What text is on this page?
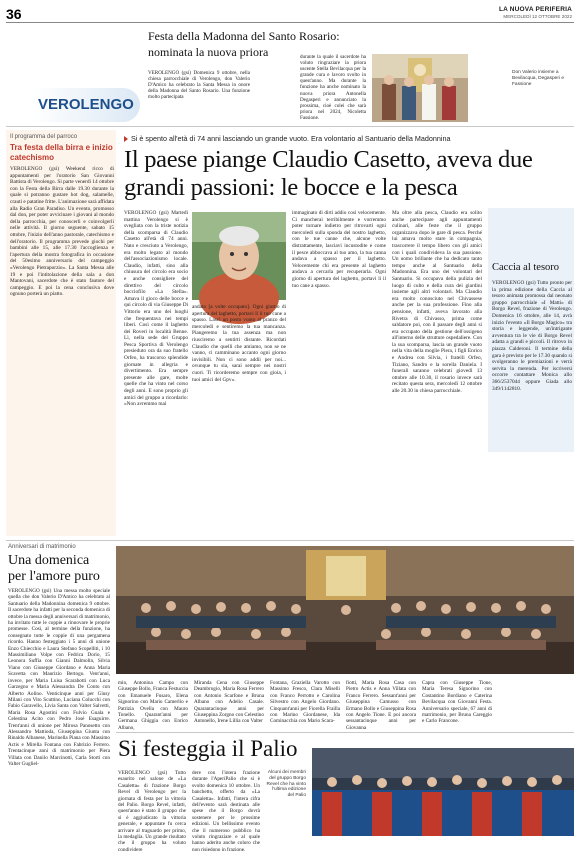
36	LA NUOVA PERIFERIA
MERCOLEDÌ 12 OTTOBRE 2022
VEROLENGO
Festa della Madonna del Santo Rosario: nominata la nuova priora
VEROLENGO (gsi) Domenica 9 ottobre, nella chiesa parrocchiale di Verolengo, don Valerio D'Amico ha celebrato la Santa Messa in onore della Madonna del Santo Rosario. Una funzione molto partecipata
durante la quale il sacerdote ha voluto ringraziare la priora uscente Stella Bevilacqua per la grande cura e lavoro svolto in quest'anno. Ma durante la funzione ha anche nominato la nuova priora Antonella Degasperi e annunciato la prossima, cioè colei che sarà priora nel 2024, Nicoletta Fassione.
Don Valerio insieme a Bevilacqua, Degasperi e Fassione
Il programma del parroco
Tra festa della birra e inizio catechismo
VEROLENGO (gsi) Weekend ricco di appuntamenti per l'oratorio San Giovanni Battista di Verolengo. Si parte venerdì 14 ottobre con la Festa della Birra dalle 19.30 durante la quale si potranno gustare hot dog, salamelle, crauti e patatine fritte. L'animazione sarà affidata alla Radio Gran Paradiso. Un evento, promosso dal don, per poter avvicinare i giovani al mondo della parrocchia, per conoscerli e coinvolgerli nelle attività. Il giorno seguente, sabato 15 ottobre, l'inizio dell'anno pastorale, catechismo e dell'oratorio. Il programma prevede giochi per bambini alle 15, alle 17.30 l'accoglienza e l'apertura della mostra fotografica in occasione del 50esimo anniversario del campeggio «Verolengo Pietraporzio». La Santa Messa alle 19 e poi l'intitolazione della sala a don Mantovani, sacerdote che è stato fautore del campeggio. E poi la cena conclusiva dove ognuno porterà un piatto.
Si è spento all'età di 74 anni lasciando un grande vuoto. Era volontario al Santuario della Madonnina
Il paese piange Claudio Casetto, aveva due grandi passioni: le bocce e la pesca
VEROLENGO (gsi) Martedì mattina Verolengo si è svegliata con la triste notizia della scomparsa di Claudio Casetto all'età di 74 anni. Nato e cresciuto a Verolengo, era molto legato al mondo dell'associazionismo locale. Claudio, infatti, sino alla chiusura del circolo era socio e anche consigliere del direttivo del circolo bocciofilo «La Stella». Amava il gioco delle bocce e qui circolo di via Giuseppe Di Vittorio era uno dei luoghi che frequentava nei tempi liberi. Così come il laghetto dei Roveri in località Benne. Lì, nella sede del Gruppo Pesca Sportiva di Verolengo presieduto ora da suo fratello Orfeo, ha trascorso splendide giornate in allegria e divertimento. Era sempre presente alle gare, molte quelle che ha vinto nel corso degli anni. E sono proprio gli amici del gruppo a ricordarlo: «Non avremmo mai
andato [a volte occupato]. Ogni giorno di apertura del laghetto, portavi lì il tuo cane a spasso. Lasci un posto vuoto al pranzo del mercoledì e sentiremo la tua mancanza. Piangeremo la tua assenza ma non riusciremo a sentirti distante. Ricordati Claudio che quelli che amiamo, non se ne vanno, ci camminano accanto ogni giorno invisibili. Non ci sono addii per noi... ovunque tu sia, sarai sempre nei nostri cuori. Ti ricorderemo sempre con gioia, i tuoi amici del Gpv».
immaginato di dirti addio così velocemente. Ci mancherai terribilmente e vorremmo poter tornare indietro per ritrovarti ogni mercoledì sulla sponda del nostro laghetto, con le tue canne che, alcune volte distrattamente, lasciavi incustodite e come il pesce abboccava al tuo amo, la tua canna andava a spasso per il laghetto. Velocemente chi era presente al laghetto andava a cercarla per recuperarla. Ogni giorno di apertura del laghetto, portavi lì il tuo cane a spasso.
Ma oltre alla pesca, Claudio era solito anche partecipare agli appuntamenti culinari, alle feste che il gruppo organizzava dopo le gare di pesca. Perché lui amava molto stare in compagnia, trascorrere il tempo libero con gli amici con i quali condivideva la sua passione. Un uomo brillante che ha dedicato tanto tempo anche al Santuario della Madonnina. Era uno dei volontari del Santuario. Si occupava della pulizia del luogo di culto e della cura dei giardini insieme agli altri volontari. Ma Claudio era molto conosciuto nel Chivassese anche per la sua professione. Fino alla pensione, infatti, aveva lavorato alla Rivetra di Chivasso, prima come saldatore poi, con il passare degli anni si era occupato della gestione dell'ossigeno all'interno delle strutture ospedaliere. Con la sua scomparsa, lascia un grande vuoto nella vita della moglie Piera, i figli Enrico e Andrea con Silvia, i fratelli Orfeo, Tiziano, Sandro e la sorella Daniela. I funerali saranno celebrati giovedì 13 ottobre alle 10.30, il rosario invece sarà recitato questa sera, mercoledì 12 ottobre alle 20.30 in chiesa parrocchiale.
Caccia al tesoro
VEROLENGO (gsi) Tutto pronto per la prima edizione della Caccia al tesoro animata promossa dal neonato gruppo parrocchiale «I Matti» di Borgo Revel, frazione di Verolengo. Domenica 16 ottobre, alle 14, avrà inizio l'evento «Il Borgo Magico» tra storia e leggende, un'intrigante avventura tra le vie di Borgo Revel adatta a grandi e piccoli. Il ritrovo in piazza Calderoni. Il termine della gara è previsto per le 17.30 quando si svolgeranno le premiazioni e verrà servita la merenda. Per iscriversi occorre contattare Monica allo 366/2537044 oppure Giada allo 349/1142810.
Anniversari di matrimonio
Una domenica per l'amore puro
VEROLENGO (gsi) Una messa molto speciale quella che don Valerio D'Amico ha celebrato al Santuario della Madonnina domenica 9 ottobre. Il sacerdote ha infatti per la seconda domenica di ottobre la messa degli anniversari di matrimonio, ha invitato tutte le coppie a rinnovare le proprie promesse. Così, al termine della funzione, ha consegnato tutte le coppie di una pergamena ricordo. Hanno festeggiato i 5 anni di unione Enzo Chiecchio e Laura Stefano Scopelliti, i 10 Massimiliano Volpe con Fedrica Dorio, 15 Leonora Suffia con Gianni Dalmolin, Silvia Viano con Giuseppe Giordano e Anna Maria Scavetta con Maurizio Bertogo. Vent'anni, invece, per Maria Luisa Scarabotti con Luca Garzegno e Maria Alessandra De Conto con Alberto Aolino. Venticinque anni per Giusy Milani con Vito Scuttino, Luciana Colucchi con Fabio Garavello, Livia Santa con Valter Salvetti, Maria Rosa Agostini con Fulvio Guala e Celestina Acito con Pedro José Esaguirre. Trent'anni di unione per Mirosa Panosetto con Alessandro Mattioda, Giuseppina Giunta con Rinaldo Albanese, Marinella Piana con Massimo Actis e Mirella Fontana con Fabrizio Ferrero. Trentacinque anni di matrimonio per Piera Villata con Danilo Marcinotti, Carla Storti con Valter Gugliel-
min, Antonina Campo con Giuseppe Bollo, Franca Festuccia con Emanuele Fusaro, Elena Signorino con Mario Camerlio e Patrizia Ovella con Mauro Tonello. Quarant'anni per Germana Ghiggia con Enrico Albano,
Miranda Cena con Giuseppe Deambrogio, Maria Rosa Ferrero con Antonio Scarfone e Bruna Albano con Adelio Casale. Quarantacinque anni per Giuseppina Zorgno con Celestino Antonello, Irene Lillia con Valter
Fontana, Graziella Varotto con Massimo Fresco, Clara Miselli con Franco Perrotto e Carolina Silvestro con Angelo Giordano. Cinquant'anni per Fiorella Frailla con Marino Giordanese, Ida Cominacchia con Mario Scara-
fiotti, Maria Rosa Casa con Pietro Actis e Anna Villata con Franco Ferrero. Sessant'anni per Giuseppina Camusso con Ermano Bollo e Giuseppina Rosa con Angelo Tione. E poi ancora sessantacinque anni per Giovanna
Capra con Giuseppe Tione, Maria Teresa Signorino con Costantino Bordiano e Caterina Bevilacqua con Giovanni Festa. Anniversario speciale, 67 anni di matrimonio, per Bruna Careggio e Carlo Francone.
Si festeggia il Palio
VEROLENGO (gsi) Tutto esaurito nel salone de «La Casaletta» di frazione Borgo Revel di Verolengo per la giornata di festa per la vittoria del Palio. Borgo Revel, infatti, quest'anno è stato il gruppo che si è aggiudicato la vittoria generale, e appuntate fu cerca arrivare al traguardo per primo, la medaglia. Un grande risultato che il gruppo ha voluto condividere
dere con l'intera frazione durante l'AperiPalio che si è svolto domenica 10 ottobre. Un banchetto, offerto da «La Casaletta». Infatti, l'intera cifra dell'evento sarà destinata alle spese che il Borgo dovrà sostenere per le prossime edizioni. Un bellissimo evento che il numeroso pubblico ha voluto ringraziare e al quale hanno aderito anche coloro che non risiedono in frazione.
Alcuni dei membri del gruppo Borgo Revel che ha vinto l'ultima edizione del Palio
